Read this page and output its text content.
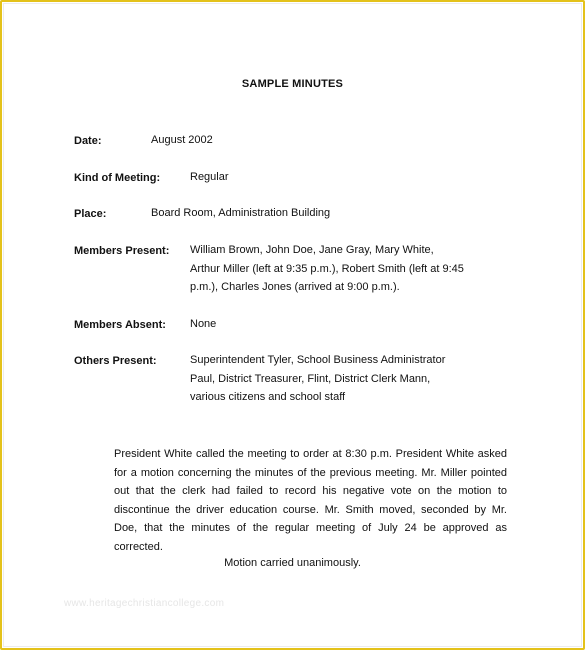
SAMPLE MINUTES
Date:	August 2002
Kind of Meeting:	Regular
Place:	Board Room, Administration Building
Members Present: William Brown, John Doe, Jane Gray, Mary White,
Arthur Miller (left at 9:35 p.m.), Robert Smith (left at 9:45
p.m.), Charles Jones (arrived at 9:00 p.m.).
Members Absent: None
Others Present:	Superintendent Tyler, School Business Administrator
Paul, District Treasurer, Flint, District Clerk Mann,
various citizens and school staff

President White called the meeting to order at 8:30 p.m. President White asked for a motion concerning the minutes of the previous meeting. Mr. Miller pointed out that the clerk had failed to record his negative vote on the motion to discontinue the driver education course. Mr. Smith moved, seconded by Mr. Doe, that the minutes of the regular meeting of July 24 be approved as corrected.

Motion carried unanimously.
www.heritagechristiancollege.com
